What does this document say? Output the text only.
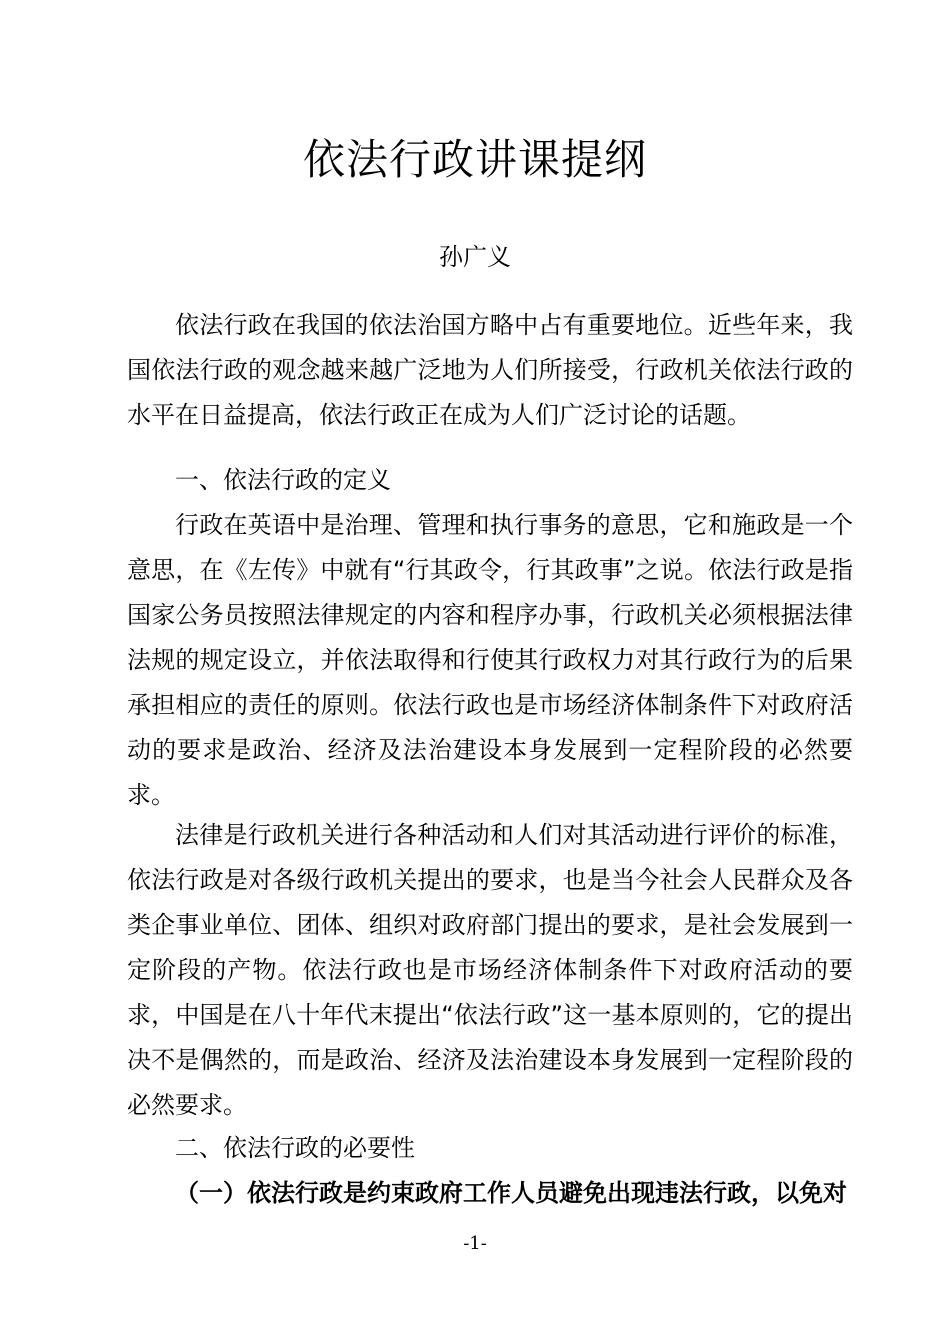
依法行政讲课提纲
孙广义

依法行政在我国的依法治国方略中占有重要地位。近些年来，我国依法行政的观念越来越广泛地为人们所接受，行政机关依法行政的水平在日益提高，依法行政正在成为人们广泛讨论的话题。

一、依法行政的定义

行政在英语中是治理、管理和执行事务的意思，它和施政是一个意思，在《左传》中就有“行其政令，行其政事”之说。依法行政是指国家公务员按照法律规定的内容和程序办事，行政机关必须根据法律法规的规定设立，并依法取得和行使其行政权力对其行政行为的后果承担相应的责任的原则。依法行政也是市场经济体制条件下对政府活动的要求是政治、经济及法治建设本身发展到一定程阶段的必然要求。

法律是行政机关进行各种活动和人们对其活动进行评价的标准，依法行政是对各级行政机关提出的要求，也是当今社会人民群众及各类企事业单位、团体、组织对政府部门提出的要求，是社会发展到一定阶段的产物。依法行政也是市场经济体制条件下对政府活动的要求，中国是在八十年代末提出“依法行政”这一基本原则的，它的提出决不是偶然的，而是政治、经济及法治建设本身发展到一定程阶段的必然要求。

二、依法行政的必要性

（一）依法行政是约束政府工作人员避免出现违法行政，以免对

-1-
